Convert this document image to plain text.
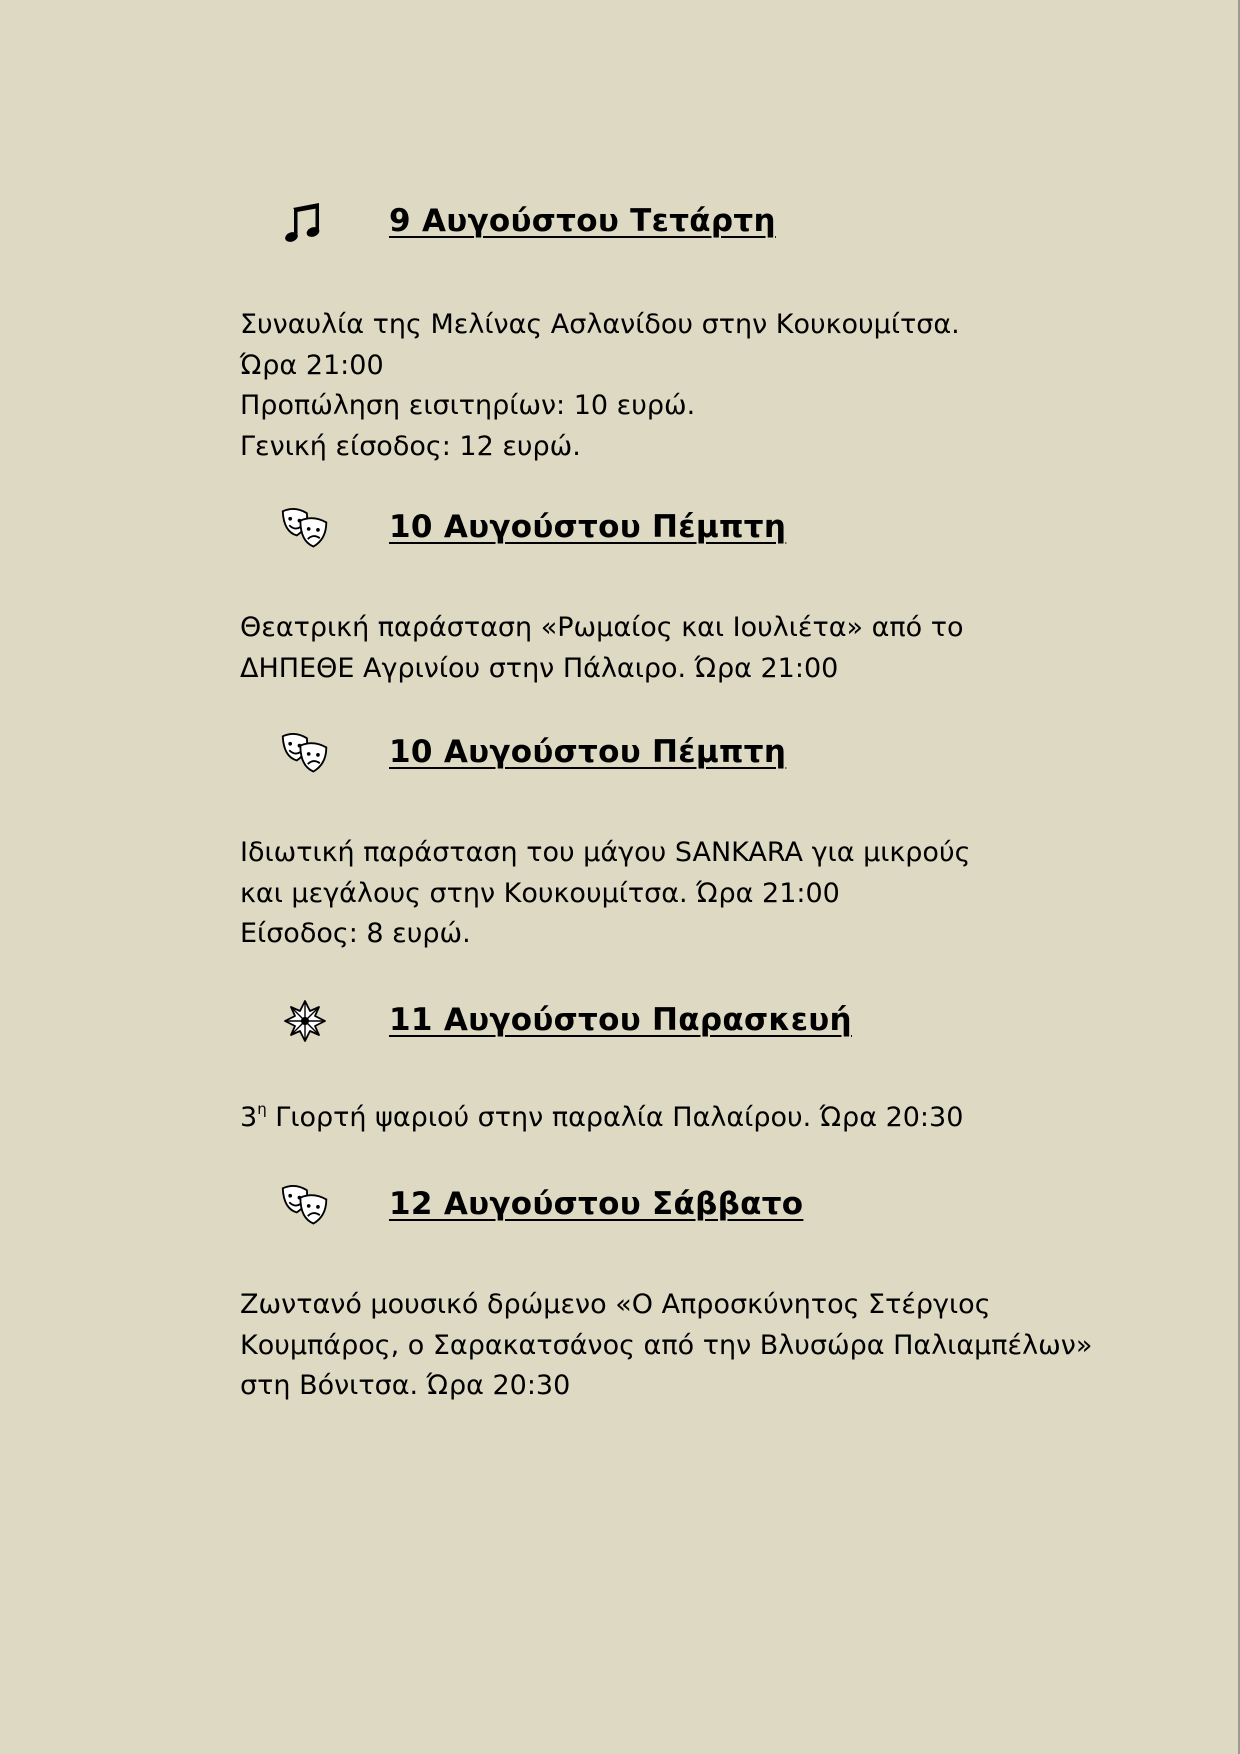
9 Αυγούστου Τετάρτη
Συναυλία της Μελίνας Ασλανίδου στην Κουκουμίτσα.
Ώρα 21:00
Προπώληση εισιτηρίων: 10 ευρώ.
Γενική είσοδος: 12 ευρώ.
10 Αυγούστου Πέμπτη
Θεατρική παράσταση «Ρωμαίος και Ιουλιέτα» από το
ΔΗΠΕΘΕ Αγρινίου στην Πάλαιρο. Ώρα 21:00
10 Αυγούστου Πέμπτη
Ιδιωτική παράσταση του μάγου SANKARA για μικρούς
και μεγάλους στην Κουκουμίτσα. Ώρα 21:00
Είσοδος: 8 ευρώ.
11 Αυγούστου Παρασκευή
$3^\eta$ Γιορτή ψαριού στην παραλία Παλαίρου. Ώρα 20:30
12 Αυγούστου Σάββατο
Ζωντανό μουσικό δρώμενο «Ο Απροσκύνητος Στέργιος
Κουμπάρος, ο Σαρακατσάνος από την Βλυσώρα Παλιαμπέλων»
στη Βόνιτσα. Ώρα 20:30
